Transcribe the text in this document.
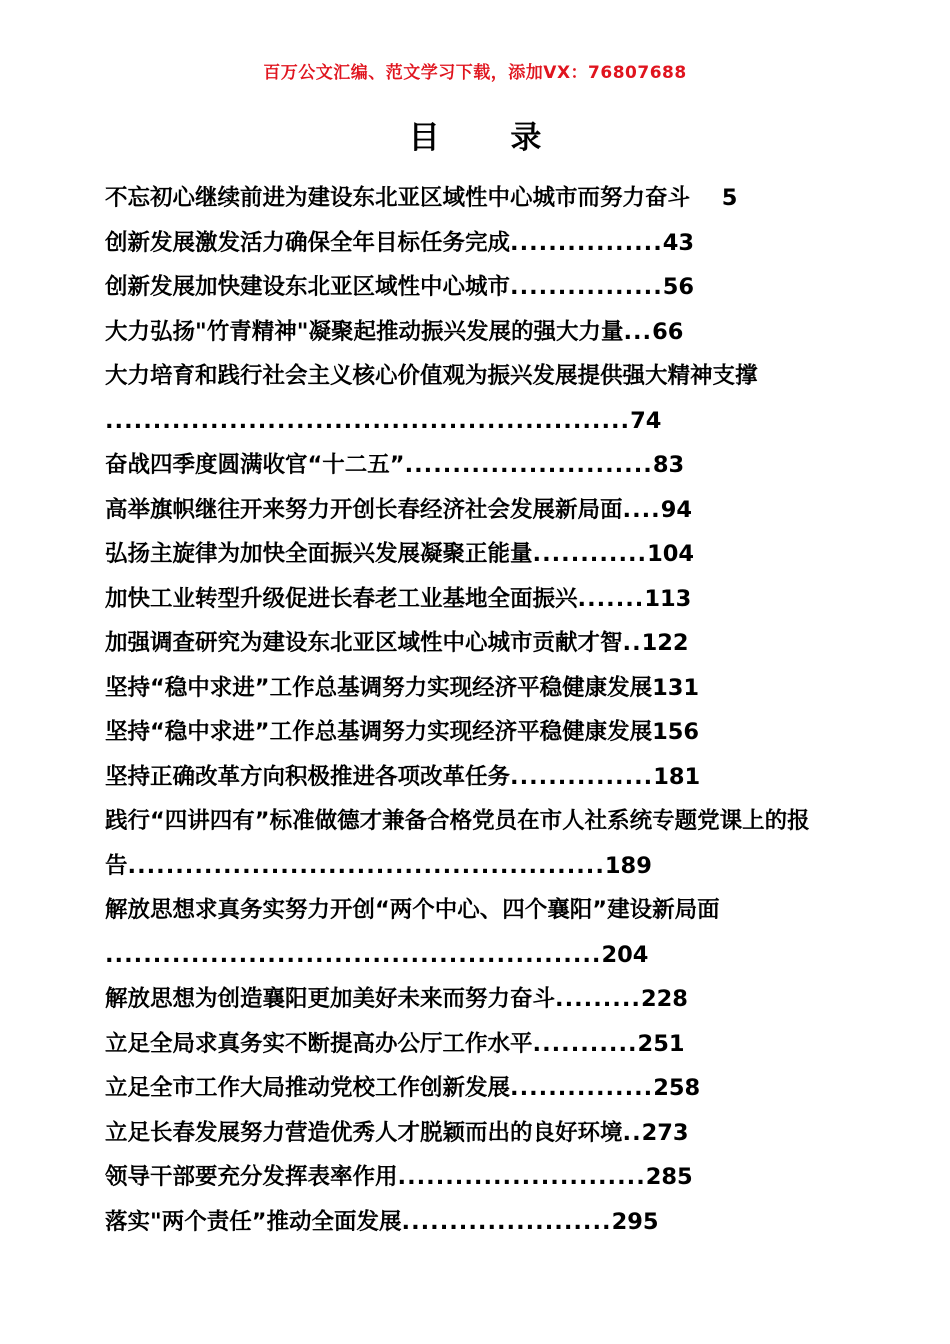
百万公文汇编、范文学习下载，添加VX：76807688
目 录
不忘初心继续前进为建设东北亚区域性中心城市而努力奋斗 5
创新发展激发活力确保全年目标任务完成................43
创新发展加快建设东北亚区域性中心城市................56
大力弘扬"竹青精神"凝聚起推动振兴发展的强大力量...66
大力培育和践行社会主义核心价值观为振兴发展提供强大精神支撑
.......................................................74
奋战四季度圆满收官“十二五”..........................83
高举旗帜继往开来努力开创长春经济社会发展新局面....94
弘扬主旋律为加快全面振兴发展凝聚正能量............104
加快工业转型升级促进长春老工业基地全面振兴.......113
加强调查研究为建设东北亚区域性中心城市贡献才智..122
坚持“稳中求进”工作总基调努力实现经济平稳健康发展131
坚持“稳中求进”工作总基调努力实现经济平稳健康发展156
坚持正确改革方向积极推进各项改革任务...............181
践行“四讲四有”标准做德才兼备合格党员在市人社系统专题党课上的报告..................................................189
解放思想求真务实努力开创“两个中心、四个襄阳”建设新局面
....................................................204
解放思想为创造襄阳更加美好未来而努力奋斗.........228
立足全局求真务实不断提高办公厅工作水平...........251
立足全市工作大局推动党校工作创新发展...............258
立足长春发展努力营造优秀人才脱颖而出的良好环境..273
领导干部要充分发挥表率作用..........................285
落实"两个责任”推动全面发展......................295
